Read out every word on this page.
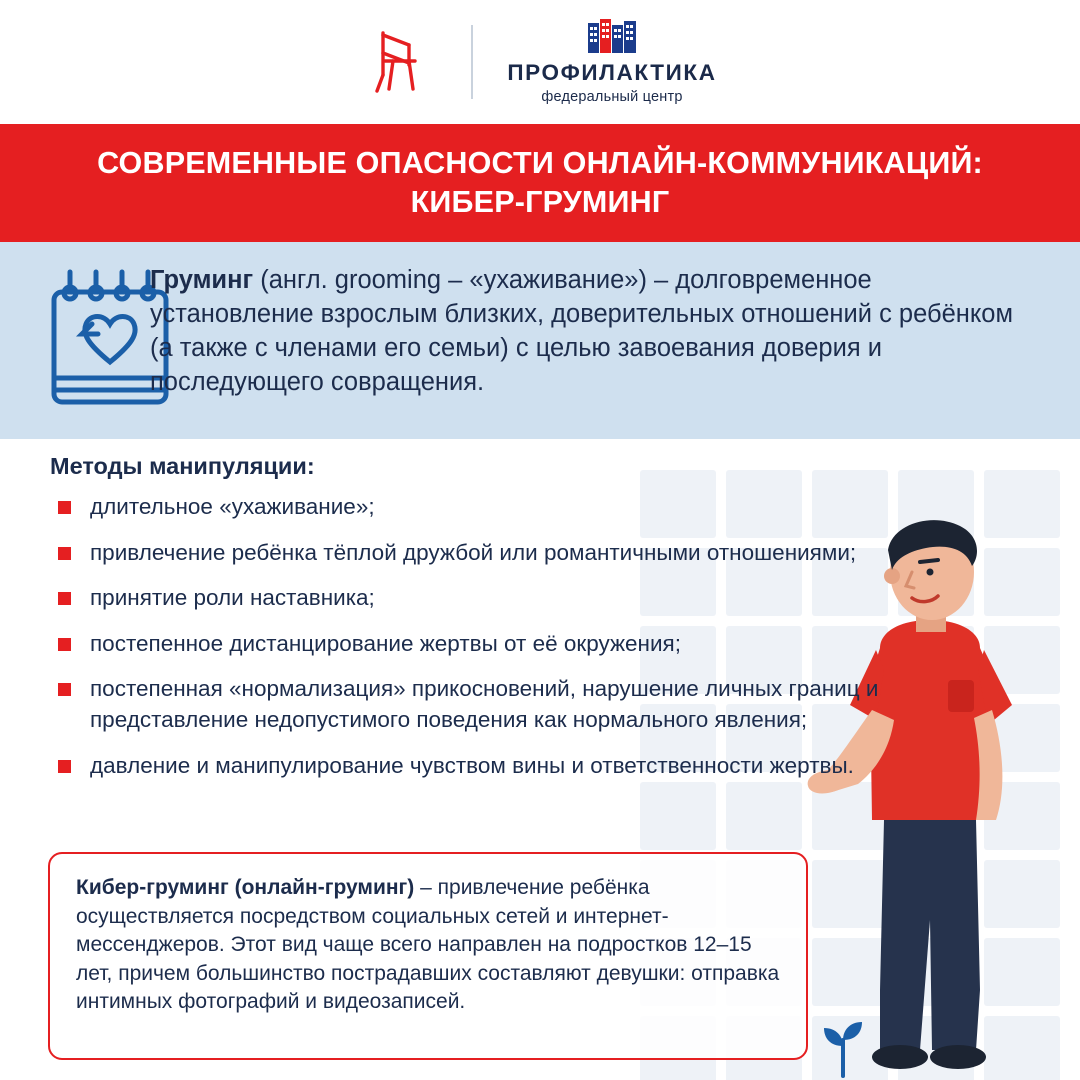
ПРОФИЛАКТИКА
федеральный центр
СОВРЕМЕННЫЕ ОПАСНОСТИ ОНЛАЙН-КОММУНИКАЦИЙ:
КИБЕР-ГРУМИНГ
Груминг (англ. grooming – «ухаживание») – долговременное установление взрослым близких, доверительных отношений с ребёнком (а также с членами его семьи) с целью завоевания доверия и последующего совращения.
Методы манипуляции:
длительное «ухаживание»;
привлечение ребёнка тёплой дружбой или романтичными отношениями;
принятие роли наставника;
постепенное дистанцирование жертвы от её окружения;
постепенная «нормализация» прикосновений, нарушение личных границ и представление недопустимого поведения как нормального явления;
давление и манипулирование чувством вины и ответственности жертвы.

Кибер-груминг (онлайн-груминг) – привлечение ребёнка осуществляется посредством социальных сетей и интернет-мессенджеров. Этот вид чаще всего направлен на подростков 12–15 лет, причем большинство пострадавших составляют девушки: отправка интимных фотографий и видеозаписей.
